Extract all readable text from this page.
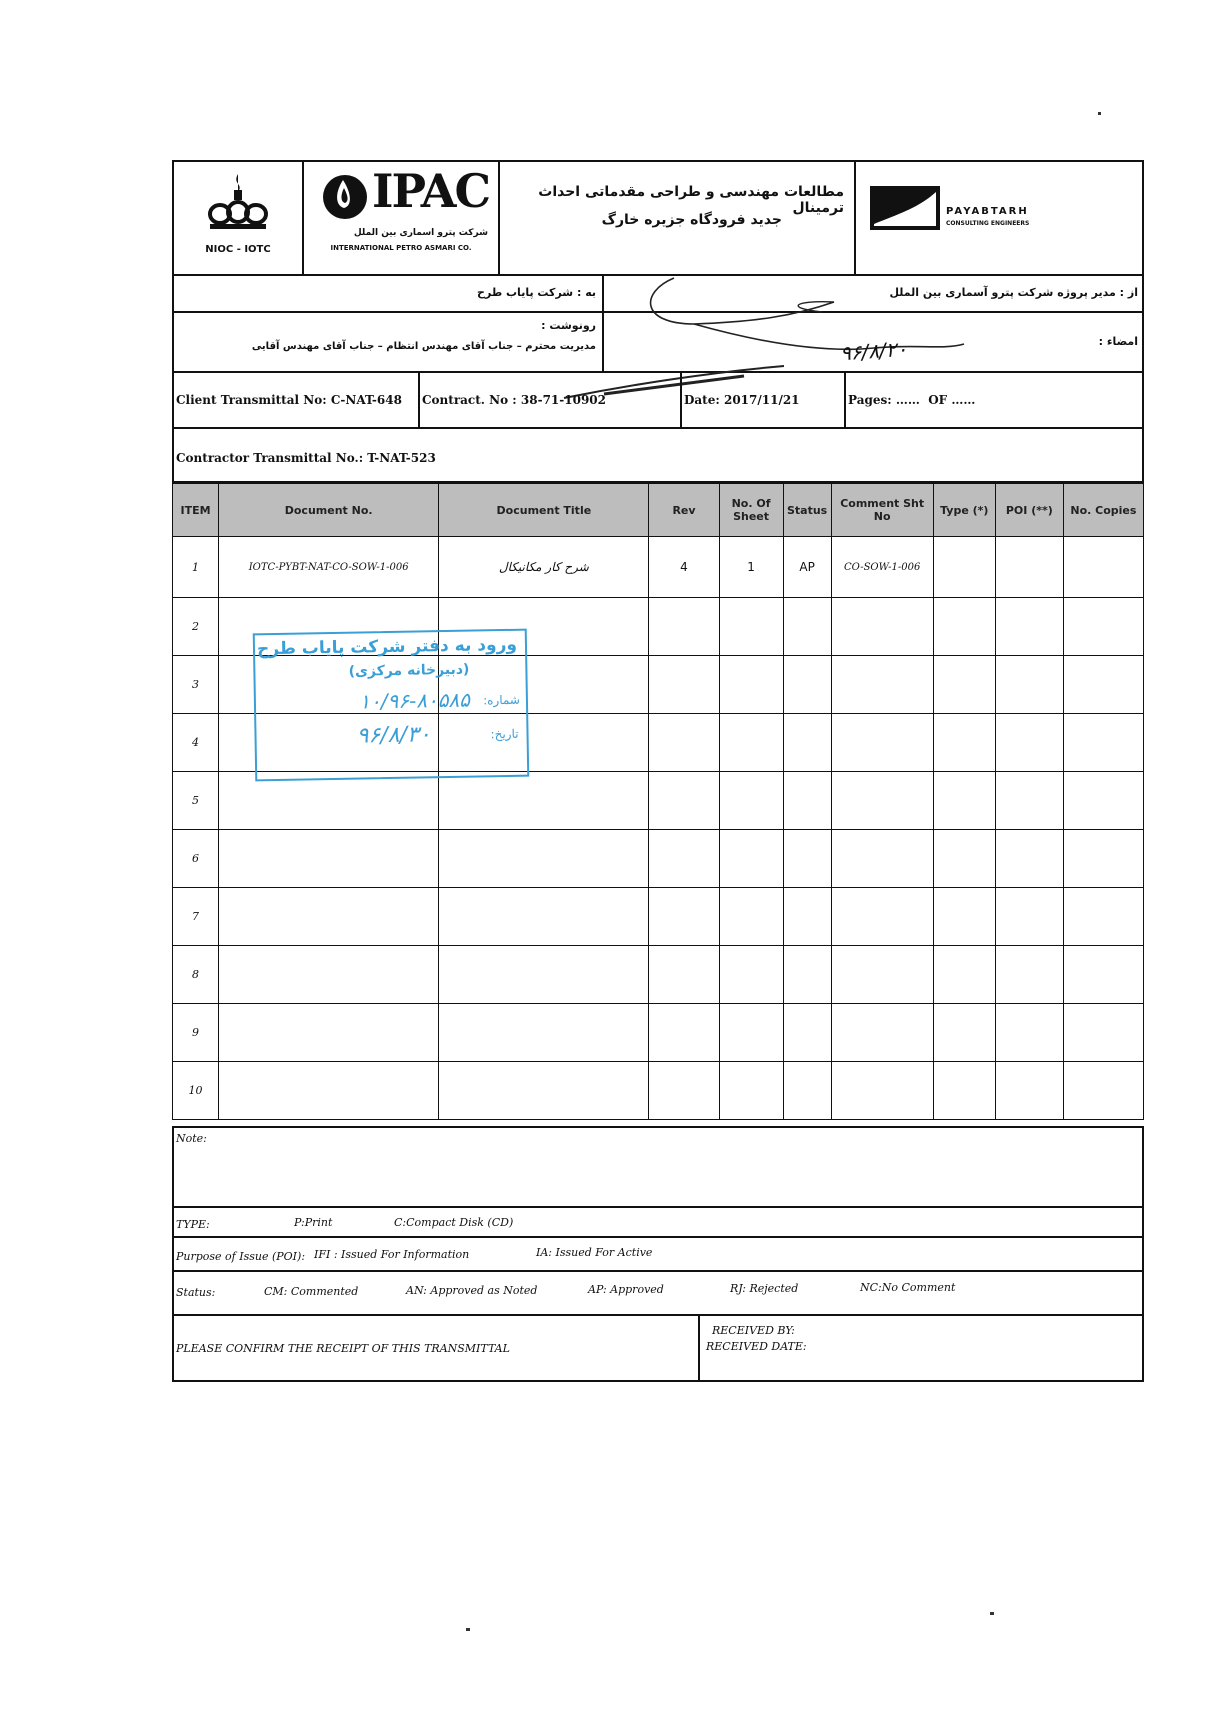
NIOC - IOTC
IPAC
شرکت پترو اسماری بین الملل
INTERNATIONAL PETRO ASMARI CO.
مطالعات مهندسی و طراحی مقدماتی احداث ترمینال
جدید فرودگاه جزیره خارگ
PAYABTARH
CONSULTING ENGINEERS
به : شرکت پایاب طرح	از : مدیر پروژه شرکت پترو آسماری بین الملل
رونوشت :
مدیریت محترم – جناب آقای مهندس انتظام – جناب آقای مهندس آقایی	امضاء :
۹۶/۸/۲۰
Client Transmittal No: C-NAT-648 Contract. No : 38-71-10902	Date: 2017/11/21	Pages: ……  OF ……
Contractor Transmittal No.: T-NAT-523
ITEM	Document No.	Document Title	Rev	No. Of Sheet	Status	Comment Sht No	Type (*)	POI (**)	No. Copies
1	IOTC-PYBT-NAT-CO-SOW-1-006	شرح کار مکانیکال	4	1	AP	CO-SOW-1-006			
2									
3									
4									
5									
6									
7									
8									
9									
10									
ورود به دفتر شرکت پایاب طرح
(دبیرخانه مرکزی)
شماره:
۱۰/۹۶-۸۰۵۸۵
تاریخ:
۹۶/۸/۳۰
Note:
TYPE:	P:Print	C:Compact Disk (CD)
Purpose of Issue (POI): IFI : Issued For Information	IA: Issued For Active
Status:	CM: Commented	AN: Approved as Noted	AP: Approved	RJ: Rejected	NC:No Comment
PLEASE CONFIRM THE RECEIPT OF THIS TRANSMITTAL
RECEIVED BY:
RECEIVED DATE:
